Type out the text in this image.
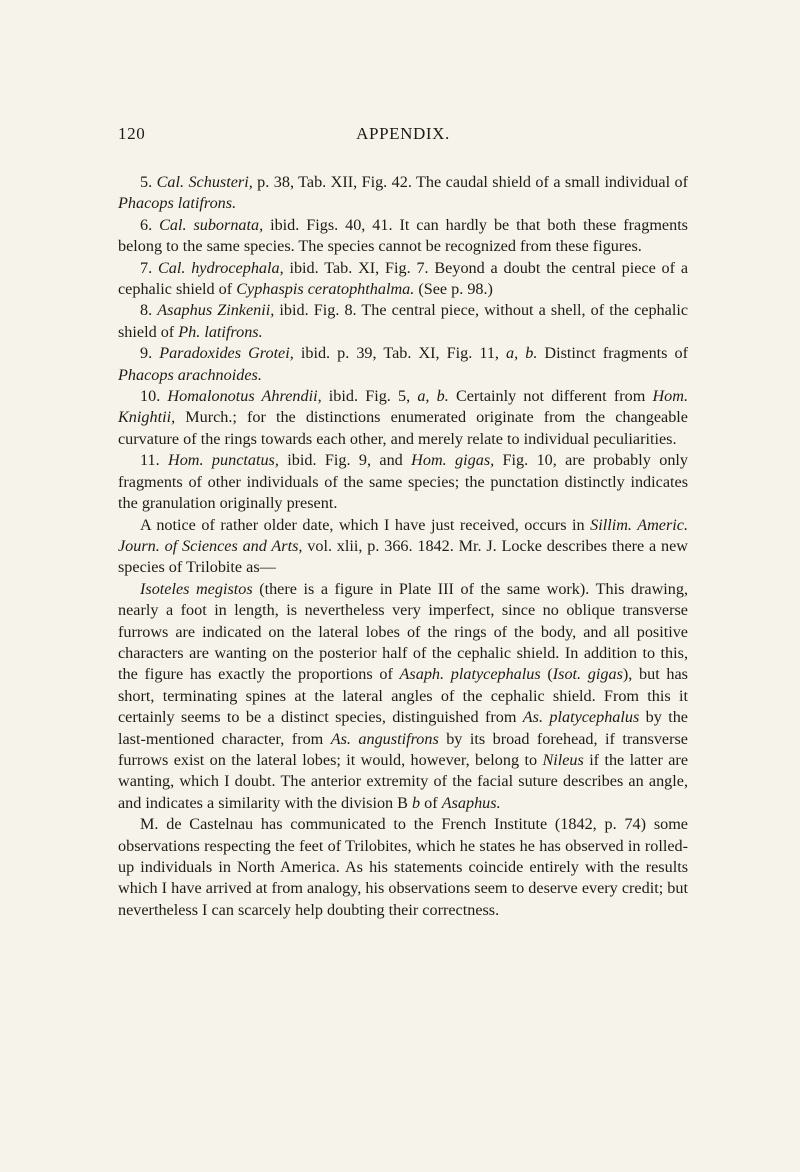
120	APPENDIX.

5. Cal. Schusteri, p. 38, Tab. XII, Fig. 42. The caudal shield of a small individual of Phacops latifrons.

6. Cal. subornata, ibid. Figs. 40, 41. It can hardly be that both these fragments belong to the same species. The species cannot be recognized from these figures.

7. Cal. hydrocephala, ibid. Tab. XI, Fig. 7. Beyond a doubt the central piece of a cephalic shield of Cyphaspis ceratophthalma. (See p. 98.)

8. Asaphus Zinkenii, ibid. Fig. 8. The central piece, without a shell, of the cephalic shield of Ph. latifrons.

9. Paradoxides Grotei, ibid. p. 39, Tab. XI, Fig. 11, a, b. Distinct fragments of Phacops arachnoides.

10. Homalonotus Ahrendii, ibid. Fig. 5, a, b. Certainly not different from Hom. Knightii, Murch.; for the distinctions enumerated originate from the changeable curvature of the rings towards each other, and merely relate to individual peculiarities.

11. Hom. punctatus, ibid. Fig. 9, and Hom. gigas, Fig. 10, are probably only fragments of other individuals of the same species; the punctation distinctly indicates the granulation originally present.

A notice of rather older date, which I have just received, occurs in Sillim. Americ. Journ. of Sciences and Arts, vol. xlii, p. 366. 1842. Mr. J. Locke describes there a new species of Trilobite as—

Isoteles megistos (there is a figure in Plate III of the same work). This drawing, nearly a foot in length, is nevertheless very imperfect, since no oblique transverse furrows are indicated on the lateral lobes of the rings of the body, and all positive characters are wanting on the posterior half of the cephalic shield. In addition to this, the figure has exactly the proportions of Asaph. platycephalus (Isot. gigas), but has short, terminating spines at the lateral angles of the cephalic shield. From this it certainly seems to be a distinct species, distinguished from As. platycephalus by the last-mentioned character, from As. angustifrons by its broad forehead, if transverse furrows exist on the lateral lobes; it would, however, belong to Nileus if the latter are wanting, which I doubt. The anterior extremity of the facial suture describes an angle, and indicates a similarity with the division B b of Asaphus.

M. de Castelnau has communicated to the French Institute (1842, p. 74) some observations respecting the feet of Trilobites, which he states he has observed in rolled-up individuals in North America. As his statements coincide entirely with the results which I have arrived at from analogy, his observations seem to deserve every credit; but nevertheless I can scarcely help doubting their correctness.
